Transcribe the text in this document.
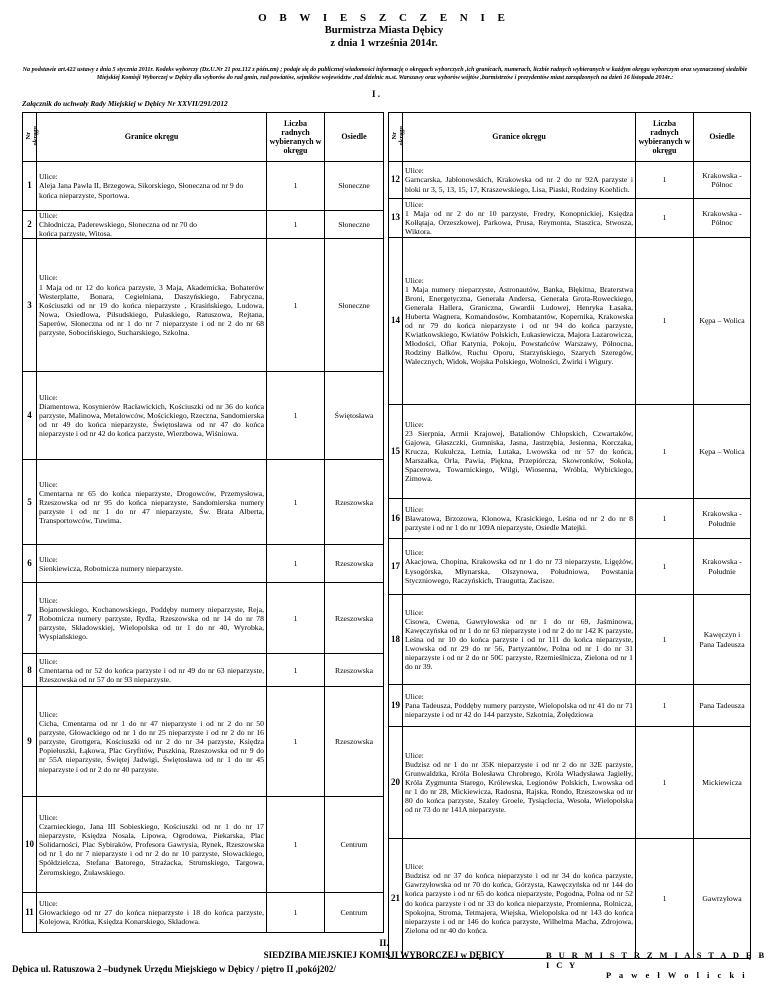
O B W I E S Z C Z E N I E
Burmistrza Miasta Dębicy
z dnia 1 września 2014r.
Na podstawie art.422 ustawy z dnia 5 stycznia 2011r. Kodeks wyborczy (Dz.U.Nr 21 poz.112 z późn.zm) ; podaje się do publicznej wiadomości informację o okręgach wyborczych ,ich granicach, numerach, liczbie radnych wybieranych w każdym okręgu wyborczym oraz wyznaczonej siedzibie Miejskiej Komisji Wyborczej w Dębicy dla wyborów do rad gmin, rad powiatów, sejmików województw ,rad dzielnic m.st. Warszawy oraz wyborów wójtów ,burmistrzów i prezydentów miast zarządzonych na dzień 16 listopada 2014r.:
I .
Załącznik do uchwały Rady Miejskiej w Dębicy Nr XXVII/291/2012
Nr
okręgu	Granice okręgu	Liczba radnych wybieranych w okręgu	Osiedle
1	Ulice:
Aleja Jana Pawła II, Brzegowa, Sikorskiego, Słoneczna od nr 9 do
końca nieparzyste, Sportowa.	1	Słoneczne
2	Ulice:
Chłodnicza, Paderewskiego, Słoneczna od nr 70 do
końca parzyste, Witosa.	1	Słoneczne
3	Ulice:
1 Maja od nr 12 do końca parzyste, 3 Maja, Akademicka, Bohaterów Westerplatte, Bonara, Cegielniana, Daszyńskiego, Fabryczna, Kościuszki od nr 19 do końca nieparzyste , Krasińskiego, Ludowa, Nowa, Osiedlowa, Piłsudskiego, Pułaskiego, Ratuszowa, Rejtana, Saperów, Słoneczna od nr 1 do nr 7 nieparzyste i od nr 2 do nr 68 parzyste, Sobocińskiego, Sucharskiego, Szkolna.	1	Słoneczne
4	Ulice:
Diamentowa, Kosynierów Racławickich, Kościuszki od nr 36 do końca parzyste, Malinowa, Metalowców, Mościckiego, Rzeczna, Sandomierska od nr 49 do końca nieparzyste, Świętosława od nr 47 do końca nieparzyste i od nr 42 do końca parzyste, Wierzbowa, Wiśniowa.	1	Świętosława
5	Ulice:
Cmentarna nr 65 do końca nieparzyste, Drogowców, Przemysłowa, Rzeszowska od nr 95 do końca nieparzyste, Sandomierska numery parzyste i od nr 1 do nr 47 nieparzyste, Św. Brata Alberta, Transportowców, Tuwima.	1	Rzeszowska
6	Ulice:
Sienkiewicza, Robotnicza numery nieparzyste.	1	Rzeszowska
7	Ulice:
Bojanowskiego, Kochanowskiego, Poddęby numery nieparzyste, Reja, Robotnicza numery parzyste, Rydla, Rzeszowska od nr 14 do nr 78 parzyste, Składowskiej, Wielopolska od nr 1 do nr 40, Wyrobka, Wyspiańskiego.	1	Rzeszowska
8	Ulice:
Cmentarna od nr 52 do końca parzyste i od nr 49 do nr 63 nieparzyste, Rzeszowska od nr 57 do nr 93 nieparzyste.	1	Rzeszowska
9	Ulice:
Cicha, Cmentarna od nr 1 do nr 47 nieparzyste i od nr 2 do nr 50 parzyste, Głowackiego od nr 1 do nr 25 nieparzyste i od nr 2 do nr 16 parzyste, Grottgera, Kościuszki od nr 2 do nr 34 parzyste, Księdza Popiełuszki, Łąkowa, Plac Gryfitów, Puszkina, Rzeszowska od nr 9 do nr 55A nieparzyste, Świętej Jadwigi, Świętosława od nr 1 do nr 45 nieparzyste i od nr 2 do nr 40 parzyste.	1	Rzeszowska
10	Ulice:
Czarnieckiego, Jana III Sobieskiego, Kościuszki od nr 1 do nr 17 nieparzyste, Księdza Nosala, Lipowa, Ogrodowa, Piekarska, Plac Solidarności, Plac Sybiraków, Profesora Gawrysia, Rynek, Rzeszowska od nr 1 do nr 7 nieparzyste i od nr 2 do nr 10 parzyste, Słowackiego, Spółdzielcza, Stefana Batorego, Strażacka, Strumskiego, Targowa, Żeromskiego, Żuławskiego.	1	Centrum
11	Ulice:
Głowackiego od nr 27 do końca nieparzyste i 18 do końca parzyste, Kolejowa, Krótka, Księdza Konarskiego, Składowa.	1	Centrum
Nr
okręgu	Granice okręgu	Liczba radnych wybieranych w okręgu	Osiedle
12	Ulice:
Garncarska, Jabłonowskich, Krakowska od nr 2 do nr 92A parzyste i bloki nr 3, 5, 13, 15, 17, Kraszewskiego, Lisa, Piaski, Rodziny Koehlich.	1	Krakowska - Północ
13	Ulice:
1 Maja od nr 2 do nr 10 parzyste, Fredry, Konopnickiej, Księdza Kołłątaja, Orzeszkowej, Parkowa, Prusa, Reymonta, Staszica, Stwosza, Wiktora.	1	Krakowska - Północ
14	Ulice:
1 Maja numery nieparzyste, Astronautów, Banka, Błękitna, Braterstwa Broni, Energetyczna, Generała Andersa, Generała Grota-Roweckiego, Generała Hallera, Graniczna, Gwardii Ludowej, Henryka Łasaka, Huberta Wagnera, Komandosów, Kombatantów, Kopernika, Krakowska od nr 79 do końca nieparzyste i od nr 94 do końca parzyste, Kwiatkowskiego, Kwiatów Polskich, Łukasiewicza, Majora Lazarowicza, Młodości, Ofiar Katynia, Pokoju, Powstańców Warszawy, Północna, Rodziny Balków, Ruchu Oporu, Starzyńskiego, Szarych Szeregów, Walecznych, Widok, Wojska Polskiego, Wolności, Żwirki i Wigury.	1	Kępa – Wolica
15	Ulice:
23 Sierpnia, Armii Krajowej, Batalionów Chłopskich, Czwartaków, Gajowa, Głaszczki, Gumniska, Jasna, Jastrzębia, Jesienna, Korczaka, Krucza, Kukułcza, Letnia, Lutaka, Lwowska od nr 57 do końca, Marszałka, Orla, Pawia, Piękna, Przepiórcza, Skowronków, Sokoła, Spacerowa, Towarnickiego, Wilgi, Wiosenna, Wróbla, Wybickiego, Zimowa.	1	Kępa – Wolica
16	Ulice:
Bławatowa, Brzozowa, Klonowa, Krasickiego, Leśna od nr 2 do nr 8 parzyste i od nr 1 do nr 109A nieparzyste, Osiedle Matejki.	1	Krakowska - Południe
17	Ulice:
Akacjowa, Chopina, Krakowska od nr 1 do nr 73 nieparzyste, Ligężów, Łysogórska, Młynarska, Olszynowa, Południowa, Powstania Styczniowego, Raczyńskich, Traugutta, Zacisze.	1	Krakowska - Południe
18	Ulice:
Cisowa, Cwena, Gawryłowska od nr 1 do nr 69, Jaśminowa, Kawęczyńska od nr 1 do nr 63 nieparzyste i od nr 2 do nr 142 K parzyste, Leśna od nr 10 do końca parzyste i od nr 111 do końca nieparzyste, Lwowska od nr 29 do nr 56, Partyzantów, Polna od nr 1 do nr 31 nieparzyste i od nr 2 do nr 50C parzyste, Rzemieślnicza, Zielona od nr 1 do nr 39.	1	Kawęczyn i Pana Tadeusza
19	Ulice:
Pana Tadeusza, Poddęby numery parzyste, Wielopolska od nr 41 do nr 71 nieparzyste i od nr 42 do 144 parzyste, Szkotnia, Żołędziowa	1	Pana Tadeusza
20	Ulice:
Budzisz od nr 1 do nr 35K nieparzyste i od nr 2 do nr 32E parzyste, Grunwaldzka, Króla Bolesława Chrobrego, Króla Władysława Jagiełły, Króla Zygmunta Starego, Królewska, Legionów Polskich, Lwowska od nr 1 do nr 28, Mickiewicza, Radosna, Rajska, Rondo, Rzeszowska od nr 80 do końca parzyste, Szaley Groele, Tysiąclecia, Wesoła, Wielopolska od nr 73 do nr 141A nieparzyste.	1	Mickiewicza
21	Ulice:
Budzisz od nr 37 do końca nieparzyste i od nr 34 do końca parzyste, Gawrzyłowska od nr 70 do końca, Górzysta, Kawęczyńska od nr 144 do końca parzyste i od nr 65 do końca nieparzyste, Pogodna, Polna od nr 52 do końca parzyste i od nr 33 do końca nieparzyste, Promienna, Rolnicza, Spokojna, Stroma, Tetmajera, Wiejska, Wielopolska od nr 143 do końca nieparzyste i od nr 146 do końca parzyste, Wilhelma Macha, Zdrojowa, Zielona od nr 40 do końca.	1	Gawrzyłowa
II.
SIEDZIBA MIEJSKIEJ KOMISJI WYBORCZEJ w DĘBICY
Dębica ul. Ratuszowa 2 –budynek Urzędu Miejskiego w Dębicy / piętro II ,pokój202/
B U R M I S T R Z M I A S T A D Ę B I C Y
P a w e ł W o l i c k i
